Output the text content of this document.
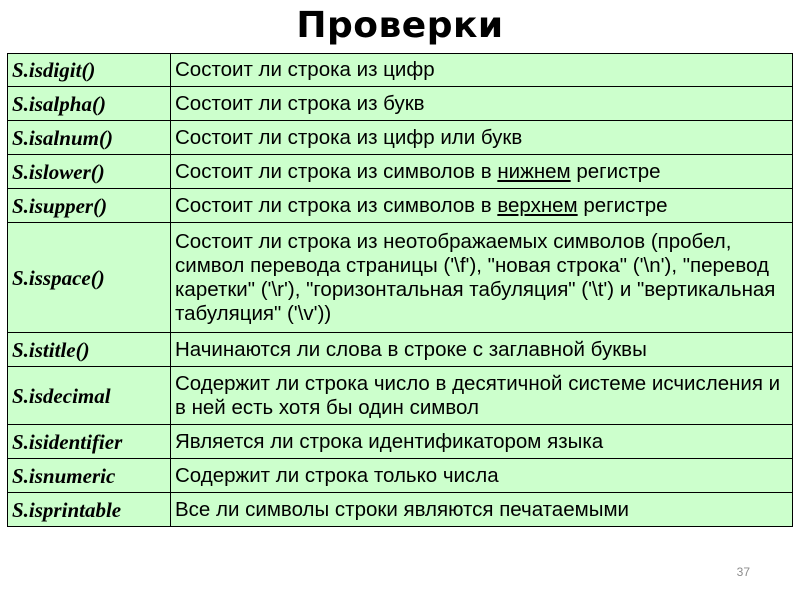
Проверки
S.isdigit()	Состоит ли строка из цифр
S.isalpha()	Состоит ли строка из букв
S.isalnum()	Состоит ли строка из цифр или букв
S.islower()	Состоит ли строка из символов в нижнем регистре
S.isupper()	Состоит ли строка из символов в верхнем регистре
S.isspace()	Состоит ли строка из неотображаемых символов (пробел, символ перевода страницы ('\f'), "новая строка" ('\n'), "перевод каретки" ('\r'), "горизонтальная табуляция" ('\t') и "вертикальная табуляция" ('\v'))
S.istitle()	Начинаются ли слова в строке с заглавной буквы
S.isdecimal	Содержит ли строка число в десятичной системе исчисления и в ней есть хотя бы один символ
S.isidentifier	Является ли строка идентификатором языка
S.isnumeric	Содержит ли строка только числа
S.isprintable	Все ли символы строки являются печатаемыми
37
